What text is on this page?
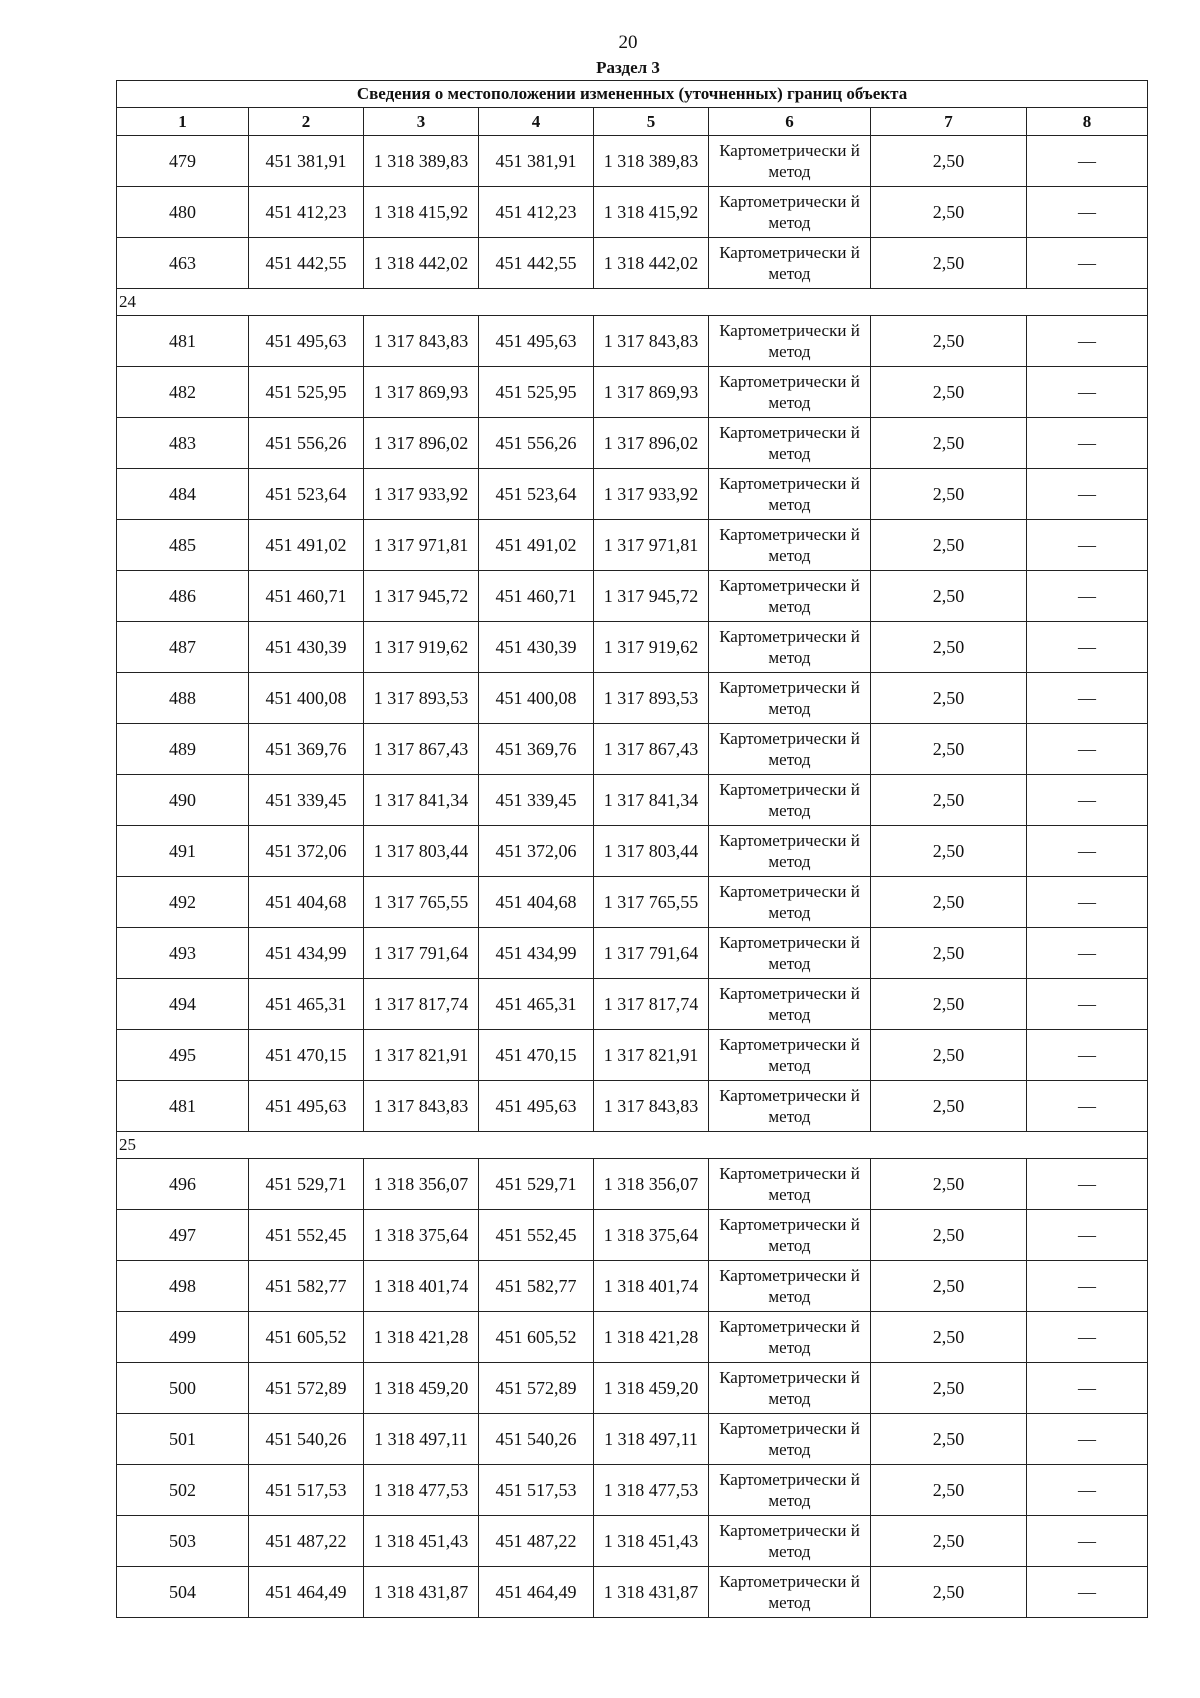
20
Раздел 3
Сведения о местоположении измененных (уточненных) границ объекта							
1	2	3	4	5	6	7	8
479	451 381,91	1 318 389,83	451 381,91	1 318 389,83	Картометрически й метод	2,50	—
480	451 412,23	1 318 415,92	451 412,23	1 318 415,92	Картометрически й метод	2,50	—
463	451 442,55	1 318 442,02	451 442,55	1 318 442,02	Картометрически й метод	2,50	—
24							
481	451 495,63	1 317 843,83	451 495,63	1 317 843,83	Картометрически й метод	2,50	—
482	451 525,95	1 317 869,93	451 525,95	1 317 869,93	Картометрически й метод	2,50	—
483	451 556,26	1 317 896,02	451 556,26	1 317 896,02	Картометрически й метод	2,50	—
484	451 523,64	1 317 933,92	451 523,64	1 317 933,92	Картометрически й метод	2,50	—
485	451 491,02	1 317 971,81	451 491,02	1 317 971,81	Картометрически й метод	2,50	—
486	451 460,71	1 317 945,72	451 460,71	1 317 945,72	Картометрически й метод	2,50	—
487	451 430,39	1 317 919,62	451 430,39	1 317 919,62	Картометрически й метод	2,50	—
488	451 400,08	1 317 893,53	451 400,08	1 317 893,53	Картометрически й метод	2,50	—
489	451 369,76	1 317 867,43	451 369,76	1 317 867,43	Картометрически й метод	2,50	—
490	451 339,45	1 317 841,34	451 339,45	1 317 841,34	Картометрически й метод	2,50	—
491	451 372,06	1 317 803,44	451 372,06	1 317 803,44	Картометрически й метод	2,50	—
492	451 404,68	1 317 765,55	451 404,68	1 317 765,55	Картометрически й метод	2,50	—
493	451 434,99	1 317 791,64	451 434,99	1 317 791,64	Картометрически й метод	2,50	—
494	451 465,31	1 317 817,74	451 465,31	1 317 817,74	Картометрически й метод	2,50	—
495	451 470,15	1 317 821,91	451 470,15	1 317 821,91	Картометрически й метод	2,50	—
481	451 495,63	1 317 843,83	451 495,63	1 317 843,83	Картометрически й метод	2,50	—
25							
496	451 529,71	1 318 356,07	451 529,71	1 318 356,07	Картометрически й метод	2,50	—
497	451 552,45	1 318 375,64	451 552,45	1 318 375,64	Картометрически й метод	2,50	—
498	451 582,77	1 318 401,74	451 582,77	1 318 401,74	Картометрически й метод	2,50	—
499	451 605,52	1 318 421,28	451 605,52	1 318 421,28	Картометрически й метод	2,50	—
500	451 572,89	1 318 459,20	451 572,89	1 318 459,20	Картометрически й метод	2,50	—
501	451 540,26	1 318 497,11	451 540,26	1 318 497,11	Картометрически й метод	2,50	—
502	451 517,53	1 318 477,53	451 517,53	1 318 477,53	Картометрически й метод	2,50	—
503	451 487,22	1 318 451,43	451 487,22	1 318 451,43	Картометрически й метод	2,50	—
504	451 464,49	1 318 431,87	451 464,49	1 318 431,87	Картометрически й метод	2,50	—
